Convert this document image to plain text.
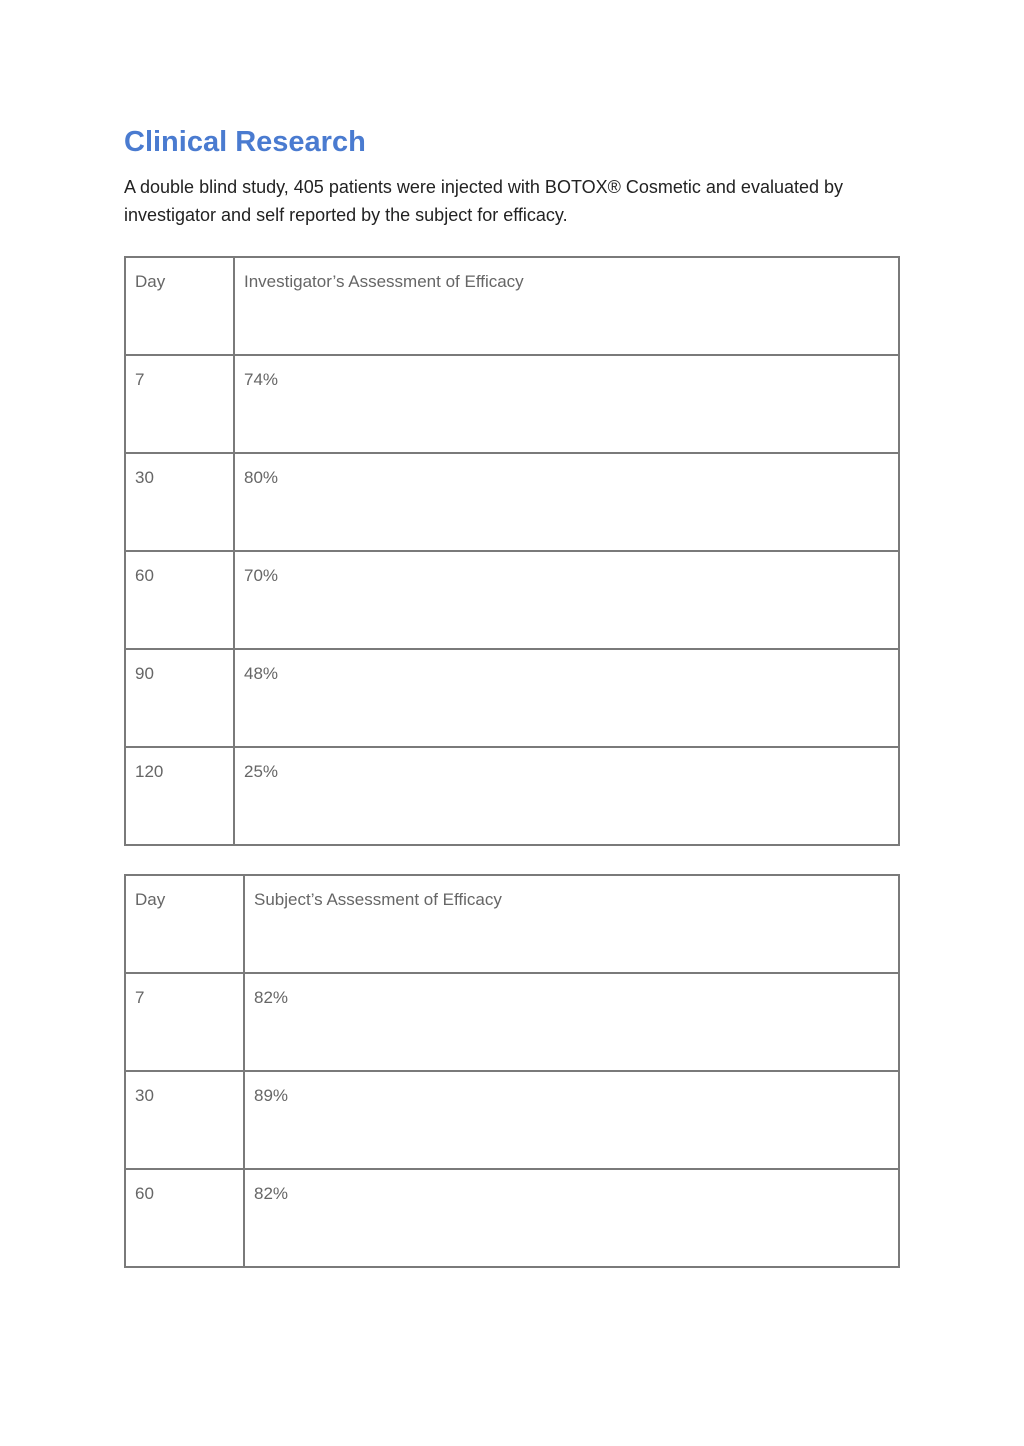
Clinical Research

A double blind study, 405 patients were injected with BOTOX® Cosmetic and evaluated by investigator and self reported by the subject for efficacy.

Day	Investigator’s Assessment of Efficacy
7	74%
30	80%
60	70%
90	48%
120	25%
Day	Subject’s Assessment of Efficacy
7	82%
30	89%
60	82%
